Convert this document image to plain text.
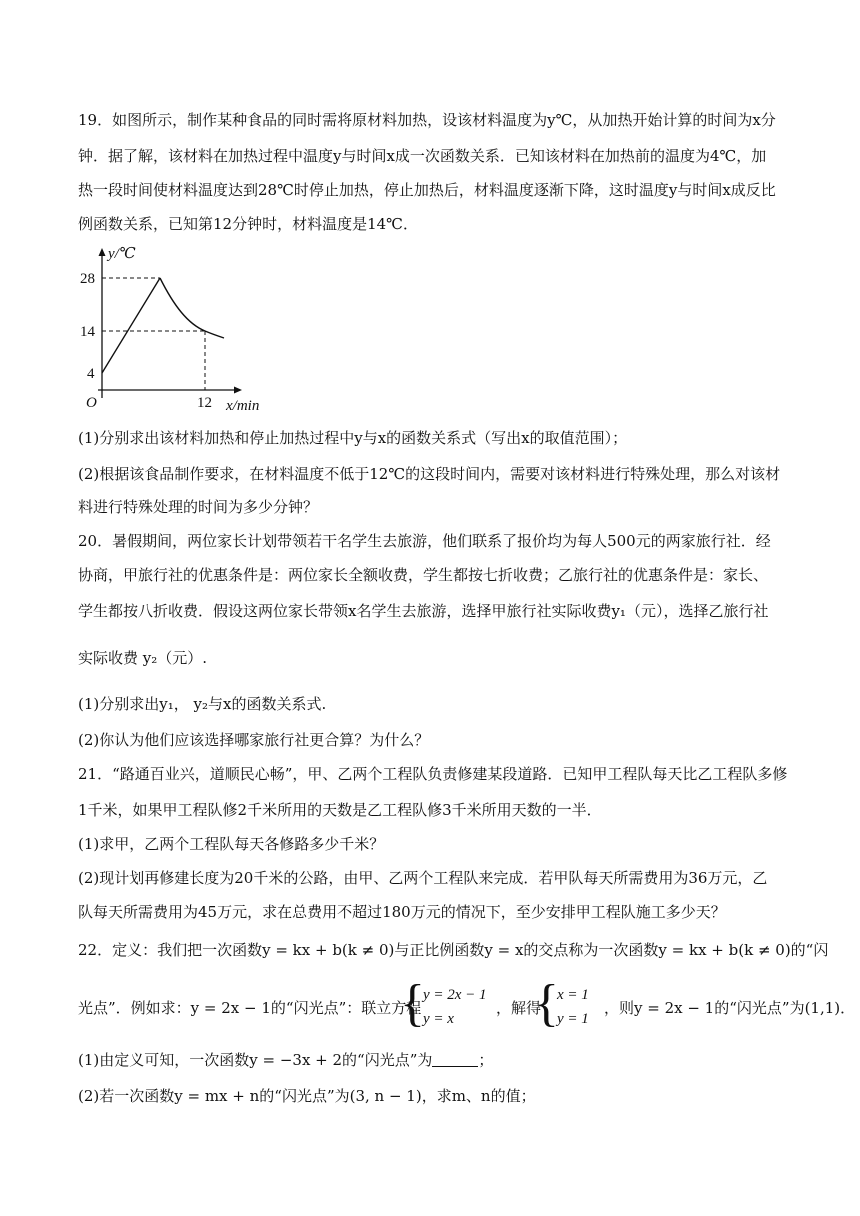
19．如图所示，制作某种食品的同时需将原材料加热，设该材料温度为y℃，从加热开始计算的时间为x分
钟．据了解，该材料在加热过程中温度y与时间x成一次函数关系．已知该材料在加热前的温度为4℃，加
热一段时间使材料温度达到28℃时停止加热，停止加热后，材料温度逐渐下降，这时温度y与时间x成反比
例函数关系，已知第12分钟时，材料温度是14℃．
y/℃
28
14
4
O	12 x/min
(1)分别求出该材料加热和停止加热过程中y与x的函数关系式（写出x的取值范围）；
(2)根据该食品制作要求，在材料温度不低于12℃的这段时间内，需要对该材料进行特殊处理，那么对该材
料进行特殊处理的时间为多少分钟？
20．暑假期间，两位家长计划带领若干名学生去旅游，他们联系了报价均为每人500元的两家旅行社．经
协商，甲旅行社的优惠条件是：两位家长全额收费，学生都按七折收费；乙旅行社的优惠条件是：家长、
学生都按八折收费．假设这两位家长带领x名学生去旅游，选择甲旅行社实际收费y₁（元），选择乙旅行社
实际收费 y₂（元）.
(1)分别求出y₁， y₂与x的函数关系式.
(2)你认为他们应该选择哪家旅行社更合算？为什么？
21．“路通百业兴，道顺民心畅”，甲、乙两个工程队负责修建某段道路．已知甲工程队每天比乙工程队多修
1千米，如果甲工程队修2千米所用的天数是乙工程队修3千米所用天数的一半．
(1)求甲，乙两个工程队每天各修路多少千米？
(2)现计划再修建长度为20千米的公路，由甲、乙两个工程队来完成．若甲队每天所需费用为36万元，乙
队每天所需费用为45万元，求在总费用不超过180万元的情况下，至少安排甲工程队施工多少天？
22．定义：我们把一次函数y = kx + b(k ≠ 0)与正比例函数y = x的交点称为一次函数y = kx + b(k ≠ 0)的“闪
光点”．例如求：y = 2x − 1的“闪光点”：联立方程
{
y = 2x − 1
y = x
，解得
{
x = 1
y = 1
，则y = 2x − 1的“闪光点”为(1,1)．
(1)由定义可知，一次函数y = −3x + 2的“闪光点”为	；
(2)若一次函数y = mx + n的“闪光点”为(3, n − 1)，求m、n的值；
